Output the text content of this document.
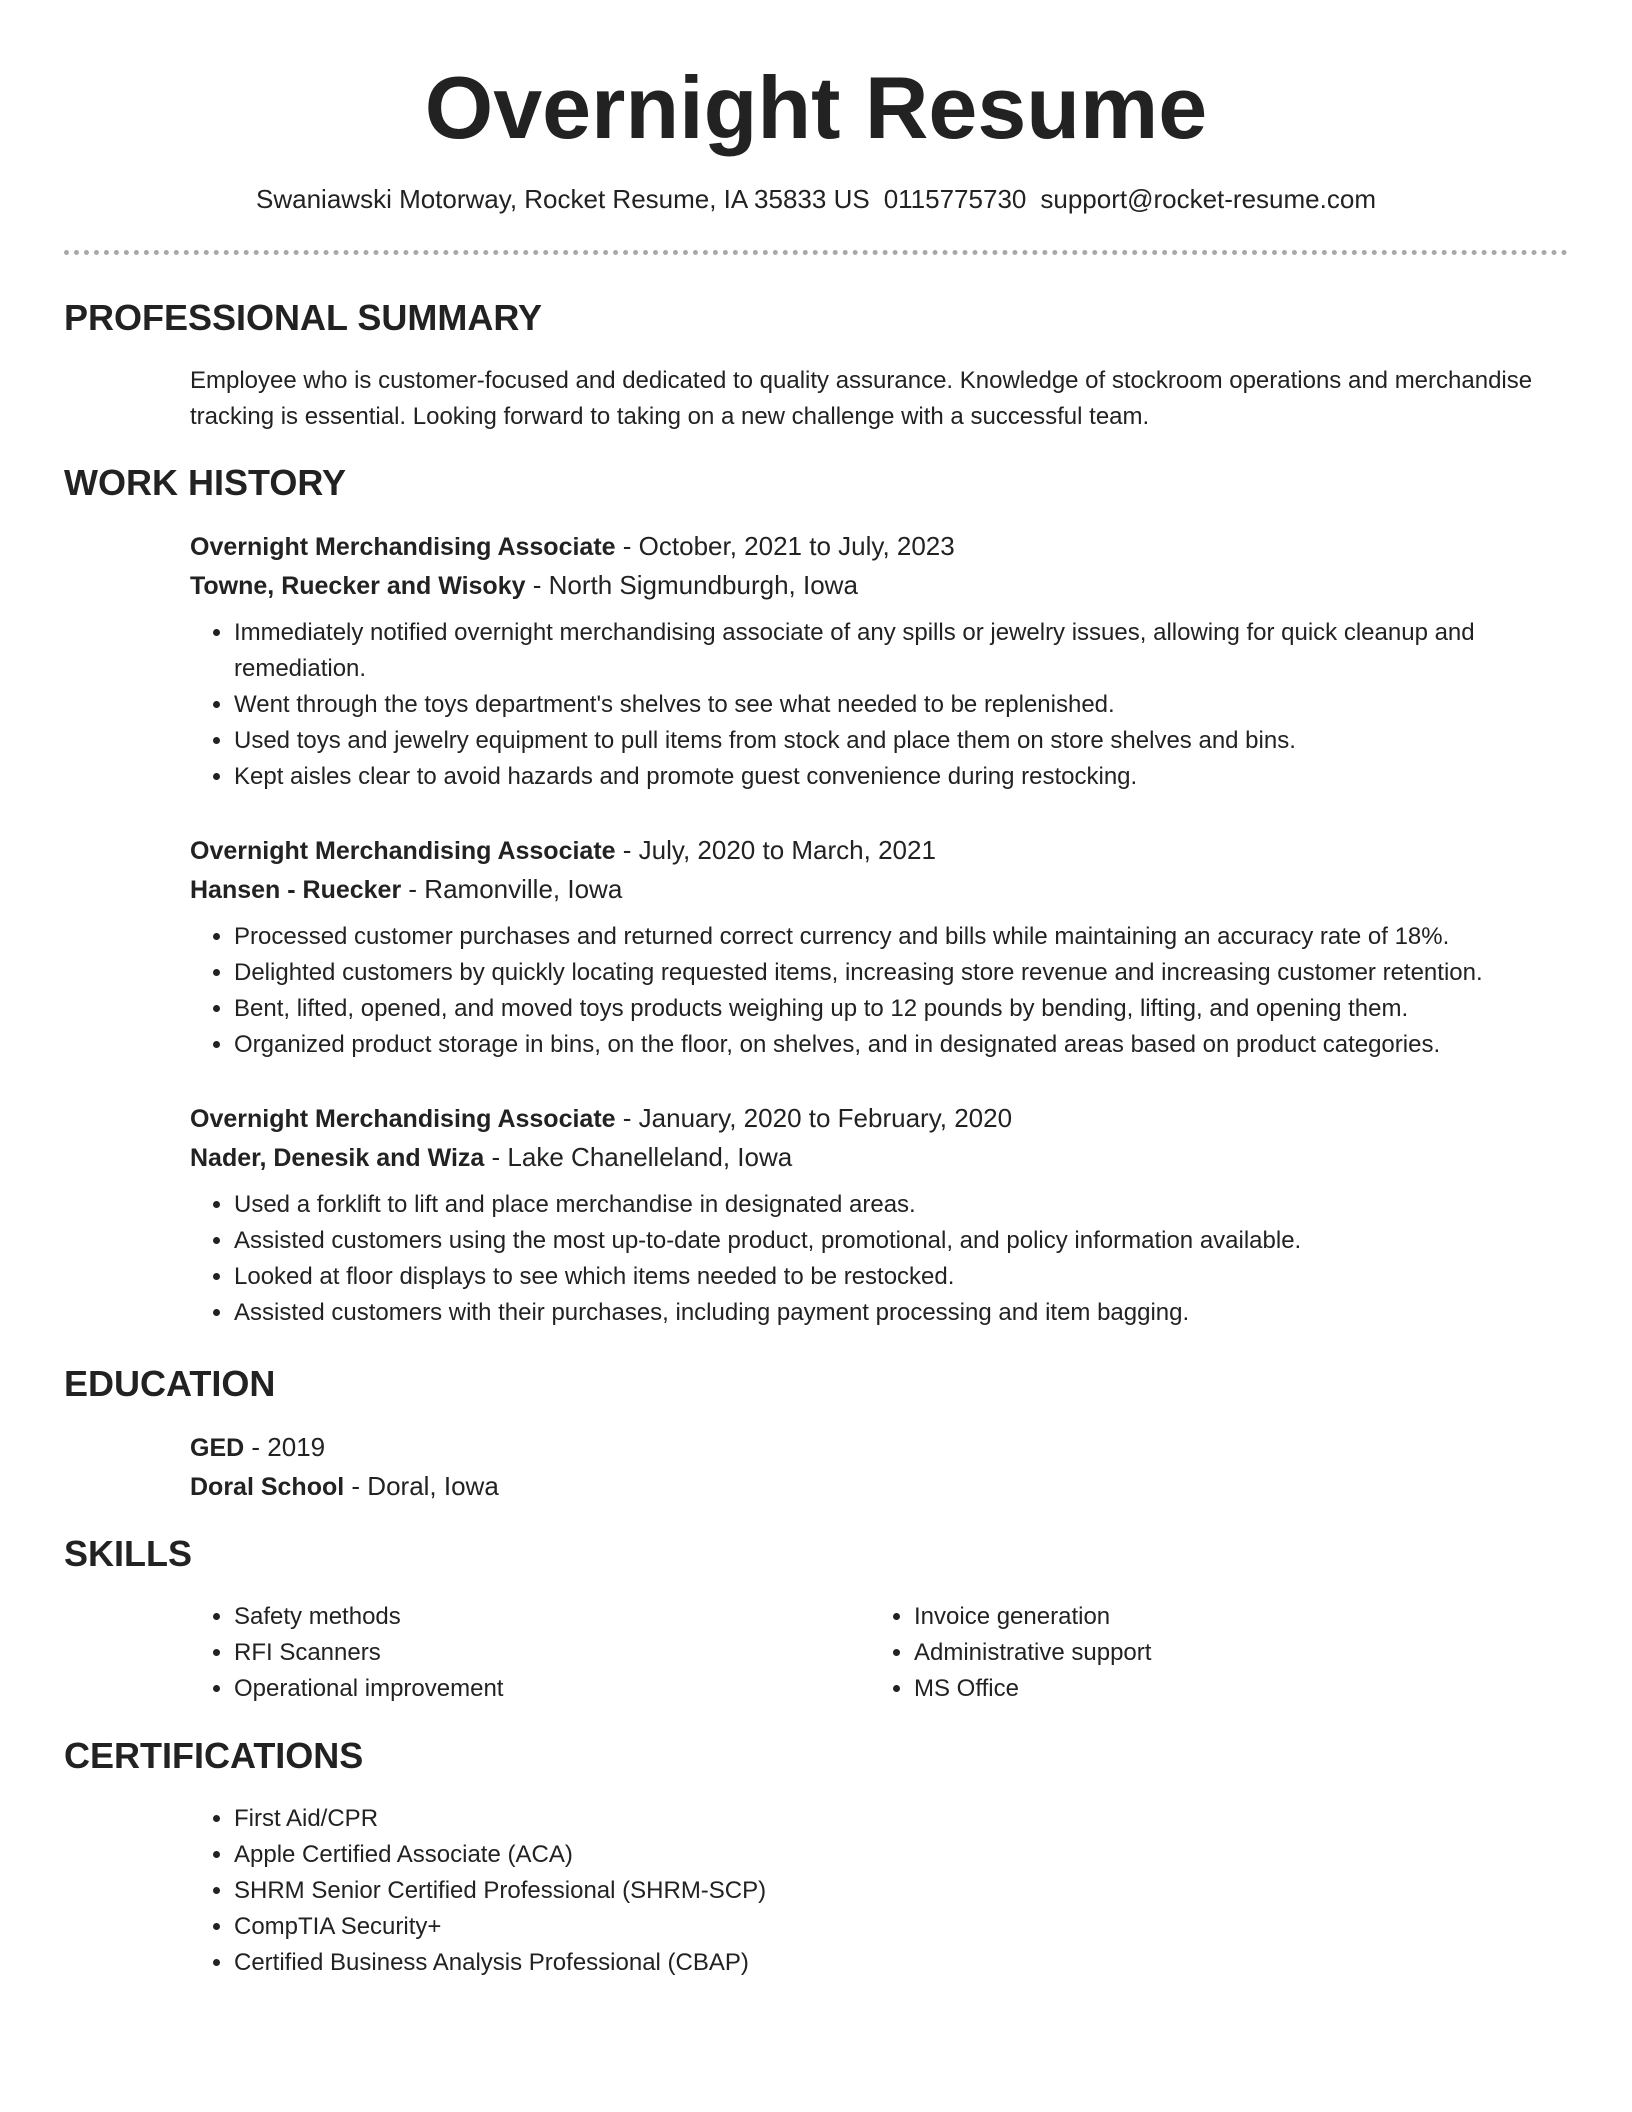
Overnight Resume
Swaniawski Motorway, Rocket Resume, IA 35833 US 0115775730 support@rocket-resume.com
PROFESSIONAL SUMMARY

Employee who is customer-focused and dedicated to quality assurance. Knowledge of stockroom operations and merchandise tracking is essential. Looking forward to taking on a new challenge with a successful team.

WORK HISTORY

Overnight Merchandising Associate - October, 2021 to July, 2023

Towne, Ruecker and Wisoky - North Sigmundburgh, Iowa

• Immediately notified overnight merchandising associate of any spills or jewelry issues, allowing for quick cleanup and remediation.
• Went through the toys department's shelves to see what needed to be replenished.
• Used toys and jewelry equipment to pull items from stock and place them on store shelves and bins.
• Kept aisles clear to avoid hazards and promote guest convenience during restocking.

Overnight Merchandising Associate - July, 2020 to March, 2021

Hansen - Ruecker - Ramonville, Iowa

• Processed customer purchases and returned correct currency and bills while maintaining an accuracy rate of 18%.
• Delighted customers by quickly locating requested items, increasing store revenue and increasing customer retention.
• Bent, lifted, opened, and moved toys products weighing up to 12 pounds by bending, lifting, and opening them.
• Organized product storage in bins, on the floor, on shelves, and in designated areas based on product categories.

Overnight Merchandising Associate - January, 2020 to February, 2020

Nader, Denesik and Wiza - Lake Chanelleland, Iowa

• Used a forklift to lift and place merchandise in designated areas.
• Assisted customers using the most up-to-date product, promotional, and policy information available.
• Looked at floor displays to see which items needed to be restocked.
• Assisted customers with their purchases, including payment processing and item bagging.
EDUCATION

GED - 2019

Doral School - Doral, Iowa

SKILLS
• Safety methods
• RFI Scanners
• Operational improvement
• Invoice generation
• Administrative support
• MS Office
CERTIFICATIONS
• First Aid/CPR
• Apple Certified Associate (ACA)
• SHRM Senior Certified Professional (SHRM-SCP)
• CompTIA Security+
• Certified Business Analysis Professional (CBAP)
